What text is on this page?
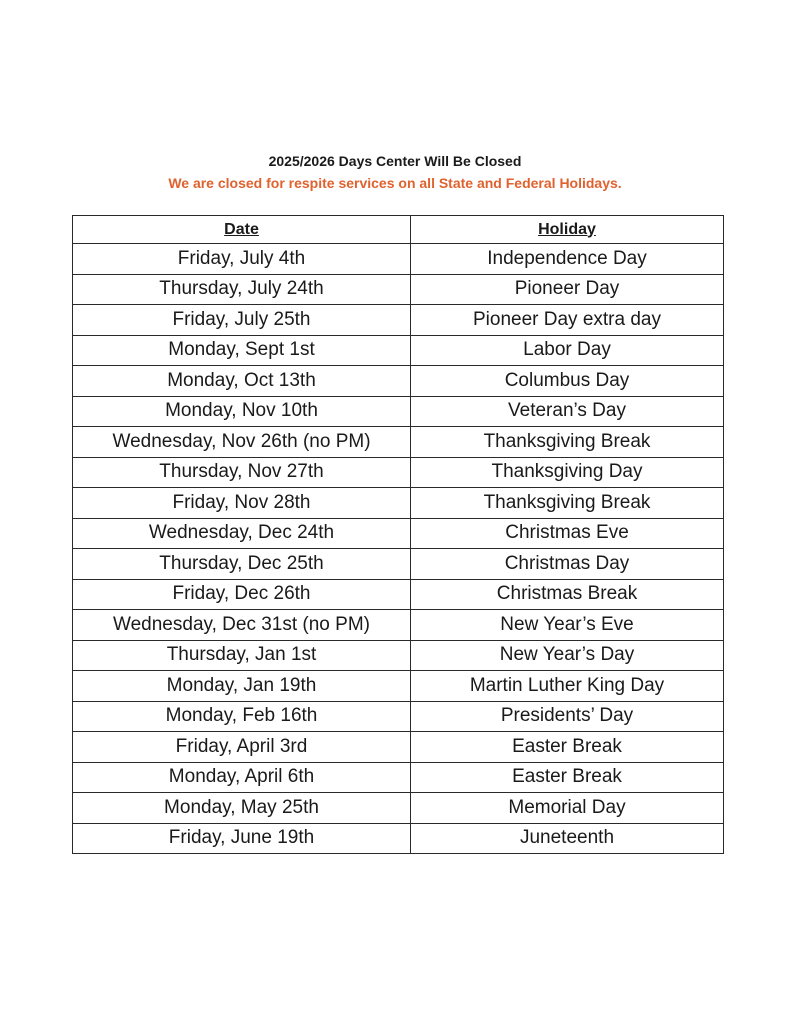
2025/2026 Days Center Will Be Closed
We are closed for respite services on all State and Federal Holidays.
Date	Holiday
Friday, July 4th	Independence Day
Thursday, July 24th	Pioneer Day
Friday, July 25th	Pioneer Day extra day
Monday, Sept 1st	Labor Day
Monday, Oct 13th	Columbus Day
Monday, Nov 10th	Veteran’s Day
Wednesday, Nov 26th (no PM)	Thanksgiving Break
Thursday, Nov 27th	Thanksgiving Day
Friday, Nov 28th	Thanksgiving Break
Wednesday, Dec 24th	Christmas Eve
Thursday, Dec 25th	Christmas Day
Friday, Dec 26th	Christmas Break
Wednesday, Dec 31st (no PM)	New Year’s Eve
Thursday, Jan 1st	New Year’s Day
Monday, Jan 19th	Martin Luther King Day
Monday, Feb 16th	Presidents’ Day
Friday, April 3rd	Easter Break
Monday, April 6th	Easter Break
Monday, May 25th	Memorial Day
Friday, June 19th	Juneteenth
